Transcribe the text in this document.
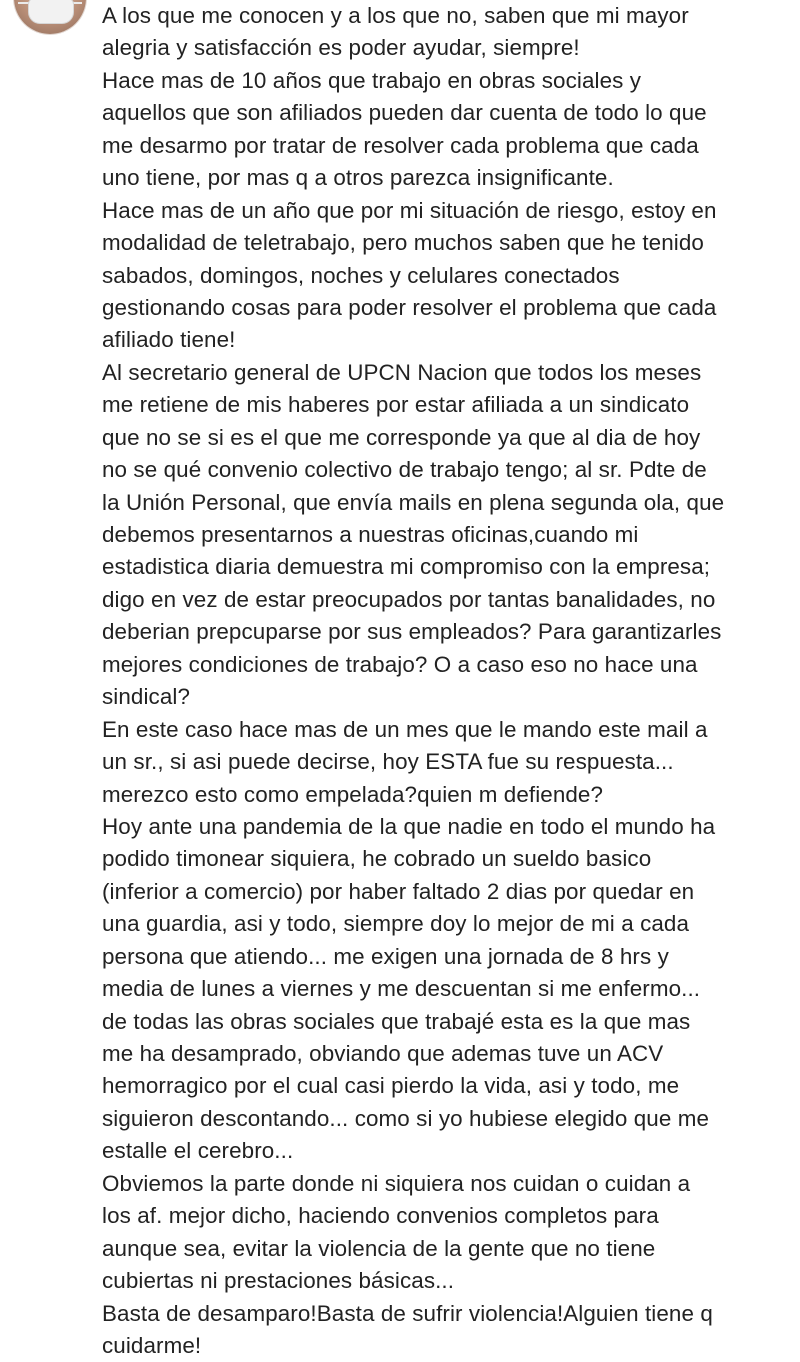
A los que me conocen y a los que no, saben que mi mayor
alegria y satisfacción es poder ayudar, siempre!
Hace mas de 10 años que trabajo en obras sociales y
aquellos que son afiliados pueden dar cuenta de todo lo que
me desarmo por tratar de resolver cada problema que cada
uno tiene, por mas q a otros parezca insignificante.
Hace mas de un año que por mi situación de riesgo, estoy en
modalidad de teletrabajo, pero muchos saben que he tenido
sabados, domingos, noches y celulares conectados
gestionando cosas para poder resolver el problema que cada
afiliado tiene!
Al secretario general de UPCN Nacion que todos los meses
me retiene de mis haberes por estar afiliada a un sindicato
que no se si es el que me corresponde ya que al dia de hoy
no se qué convenio colectivo de trabajo tengo; al sr. Pdte de
la Unión Personal, que envía mails en plena segunda ola, que
debemos presentarnos a nuestras oficinas,cuando mi
estadistica diaria demuestra mi compromiso con la empresa;
digo en vez de estar preocupados por tantas banalidades, no
deberian prepcuparse por sus empleados? Para garantizarles
mejores condiciones de trabajo? O a caso eso no hace una
sindical?
En este caso hace mas de un mes que le mando este mail a
un sr., si asi puede decirse, hoy ESTA fue su respuesta...
merezco esto como empelada?quien m defiende?
Hoy ante una pandemia de la que nadie en todo el mundo ha
podido timonear siquiera, he cobrado un sueldo basico
(inferior a comercio) por haber faltado 2 dias por quedar en
una guardia, asi y todo, siempre doy lo mejor de mi a cada
persona que atiendo... me exigen una jornada de 8 hrs y
media de lunes a viernes y me descuentan si me enfermo...
de todas las obras sociales que trabajé esta es la que mas
me ha desamprado, obviando que ademas tuve un ACV
hemorragico por el cual casi pierdo la vida, asi y todo, me
siguieron descontando... como si yo hubiese elegido que me
estalle el cerebro...
Obviemos la parte donde ni siquiera nos cuidan o cuidan a
los af. mejor dicho, haciendo convenios completos para
aunque sea, evitar la violencia de la gente que no tiene
cubiertas ni prestaciones básicas...
Basta de desamparo!Basta de sufrir violencia!Alguien tiene q
cuidarme!
